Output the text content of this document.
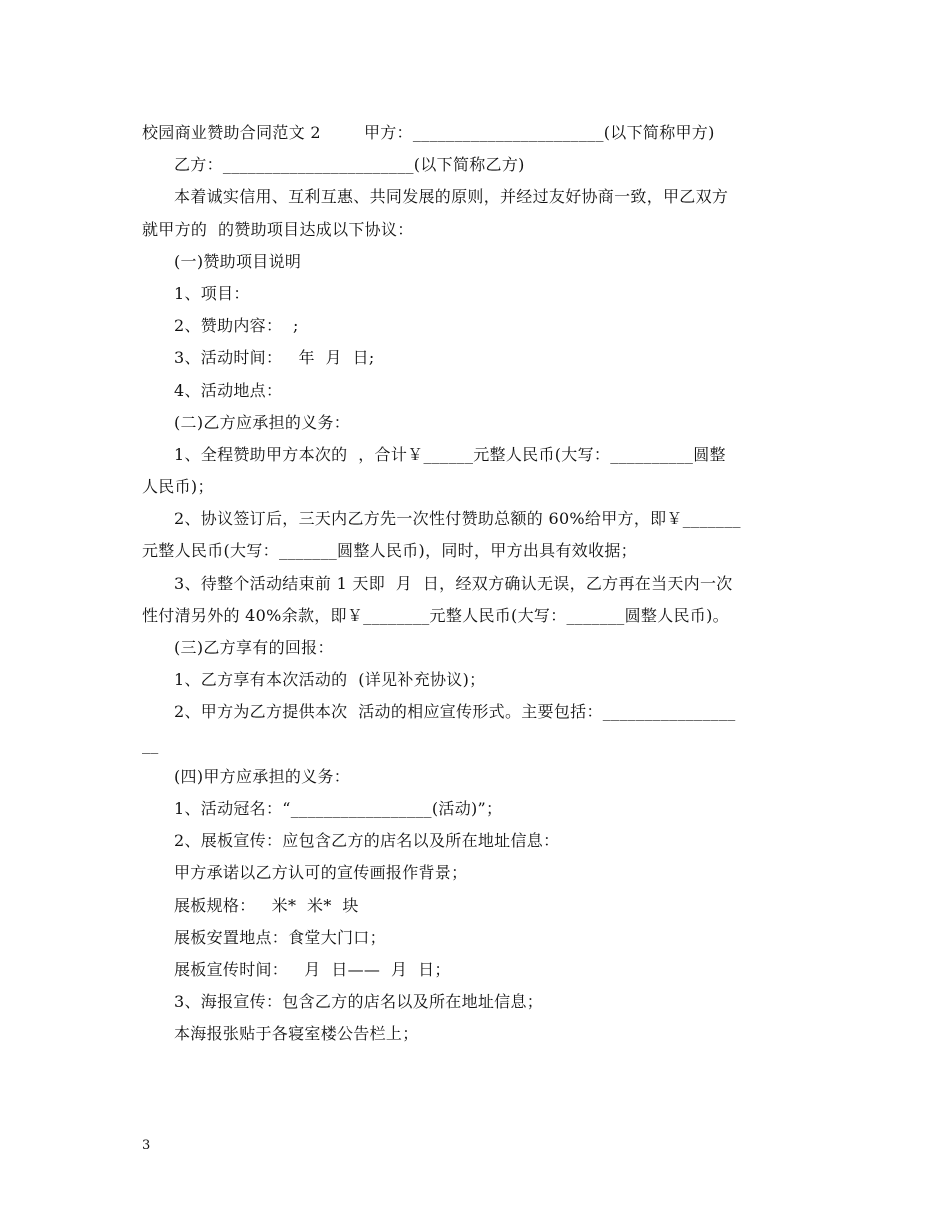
校园商业赞助合同范文 2        甲方：_______________________(以下简称甲方)
乙方：_______________________(以下简称乙方)
本着诚实信用、互利互惠、共同发展的原则，并经过友好协商一致，甲乙双方
就甲方的  的赞助项目达成以下协议：
(一)赞助项目说明
1、项目：
2、赞助内容：  ;
3、活动时间：   年  月  日;
4、活动地点：
(二)乙方应承担的义务：
1、全程赞助甲方本次的  ，合计￥______元整人民币(大写：__________圆整
人民币)；
2、协议签订后，三天内乙方先一次性付赞助总额的 60%给甲方，即￥_______
元整人民币(大写：_______圆整人民币)，同时，甲方出具有效收据；
3、待整个活动结束前 1 天即  月  日，经双方确认无误，乙方再在当天内一次
性付清另外的 40%余款，即￥________元整人民币(大写：_______圆整人民币)。
(三)乙方享有的回报：
1、乙方享有本次活动的  (详见补充协议)；
2、甲方为乙方提供本次  活动的相应宣传形式。主要包括：________________
__
(四)甲方应承担的义务：
1、活动冠名：“_________________(活动)”；
2、展板宣传：应包含乙方的店名以及所在地址信息：
甲方承诺以乙方认可的宣传画报作背景；
展板规格：   米*  米*  块
展板安置地点：食堂大门口；
展板宣传时间：   月  日——  月  日；
3、海报宣传：包含乙方的店名以及所在地址信息；
本海报张贴于各寝室楼公告栏上；
3
